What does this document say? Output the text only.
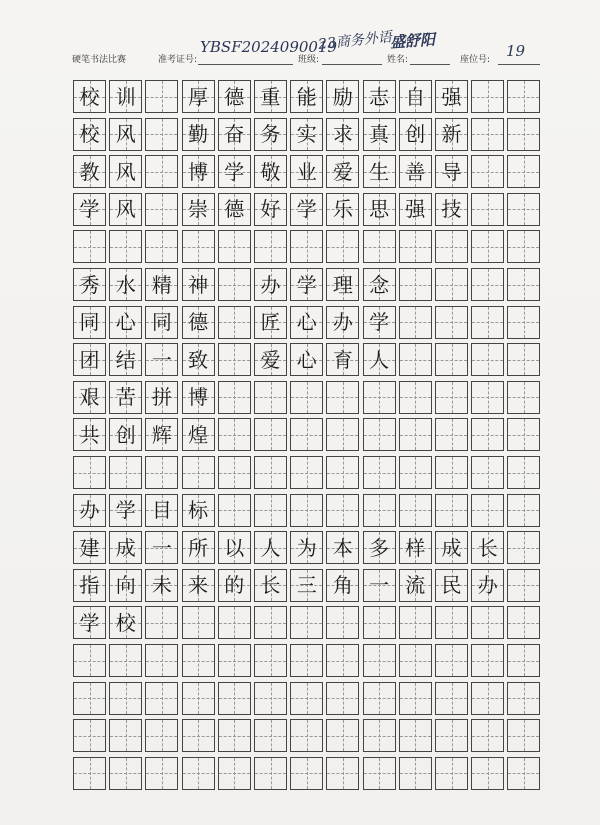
硬笔书法比赛	准考证号:
YBSF2024090019
班级:
23商务外语
姓名:
盛舒阳
座位号: 19
校 训	厚 德 重 能 励 志 自 强
校 风	勤 奋 务 实 求 真 创 新
教 风	博 学 敬 业 爱 生 善 导
学 风	崇 德 好 学 乐 思 强 技
秀 水 精 神	办 学 理 念
同 心 同 德	匠 心 办 学
团 结 一 致	爱 心 育 人
艰 苦 拼 博
共 创 辉 煌
办 学 目 标
建 成 一 所 以 人 为 本 多 样 成 长
指 向 未 来 的 长 三 角 一 流 民 办
学 校
